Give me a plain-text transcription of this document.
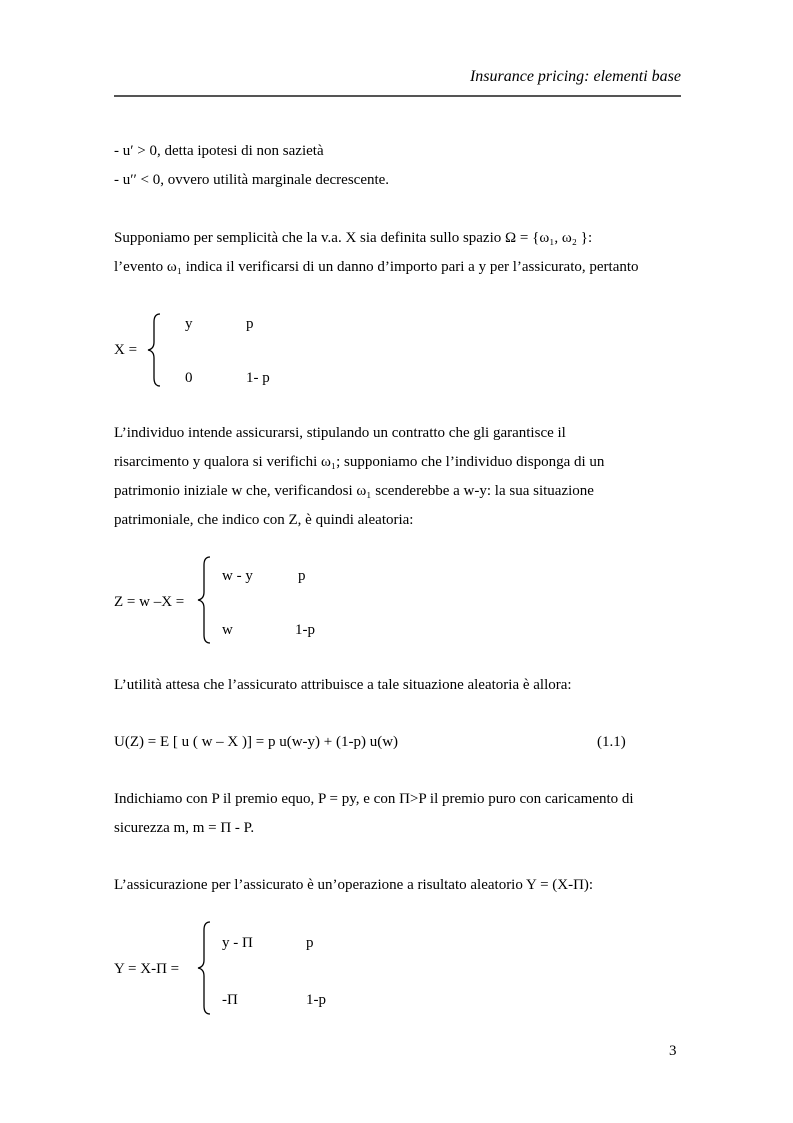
Insurance pricing: elementi base
- u′ > 0, detta ipotesi di non sazietà
- u′′ < 0, ovvero utilità marginale decrescente.
Supponiamo per semplicità che la v.a. X sia definita sullo spazio Ω = {ω₁, ω₂ }:
l’evento ω₁ indica il verificarsi di un danno d’importo pari a y per l’assicurato, pertanto
X =
y	p
0	1- p
L’individuo intende assicurarsi, stipulando un contratto che gli garantisce il
risarcimento y qualora si verifichi ω₁; supponiamo che l’individuo disponga di un
patrimonio iniziale w che, verificandosi ω₁ scenderebbe a w-y: la sua situazione
patrimoniale, che indico con Z, è quindi aleatoria:
Z = w –X =
w - y	p
w	1-p
L’utilità attesa che l’assicurato attribuisce a tale situazione aleatoria è allora:
U(Z) = E [ u ( w – X )] = p u(w-y) + (1-p) u(w)	(1.1)
Indichiamo con P il premio equo, P = py, e con Π>P il premio puro con caricamento di
sicurezza m, m = Π - P.
L’assicurazione per l’assicurato è un’operazione a risultato aleatorio Y = (X-Π):
Y = X-Π =
y - Π	p
-Π	1-p
3
